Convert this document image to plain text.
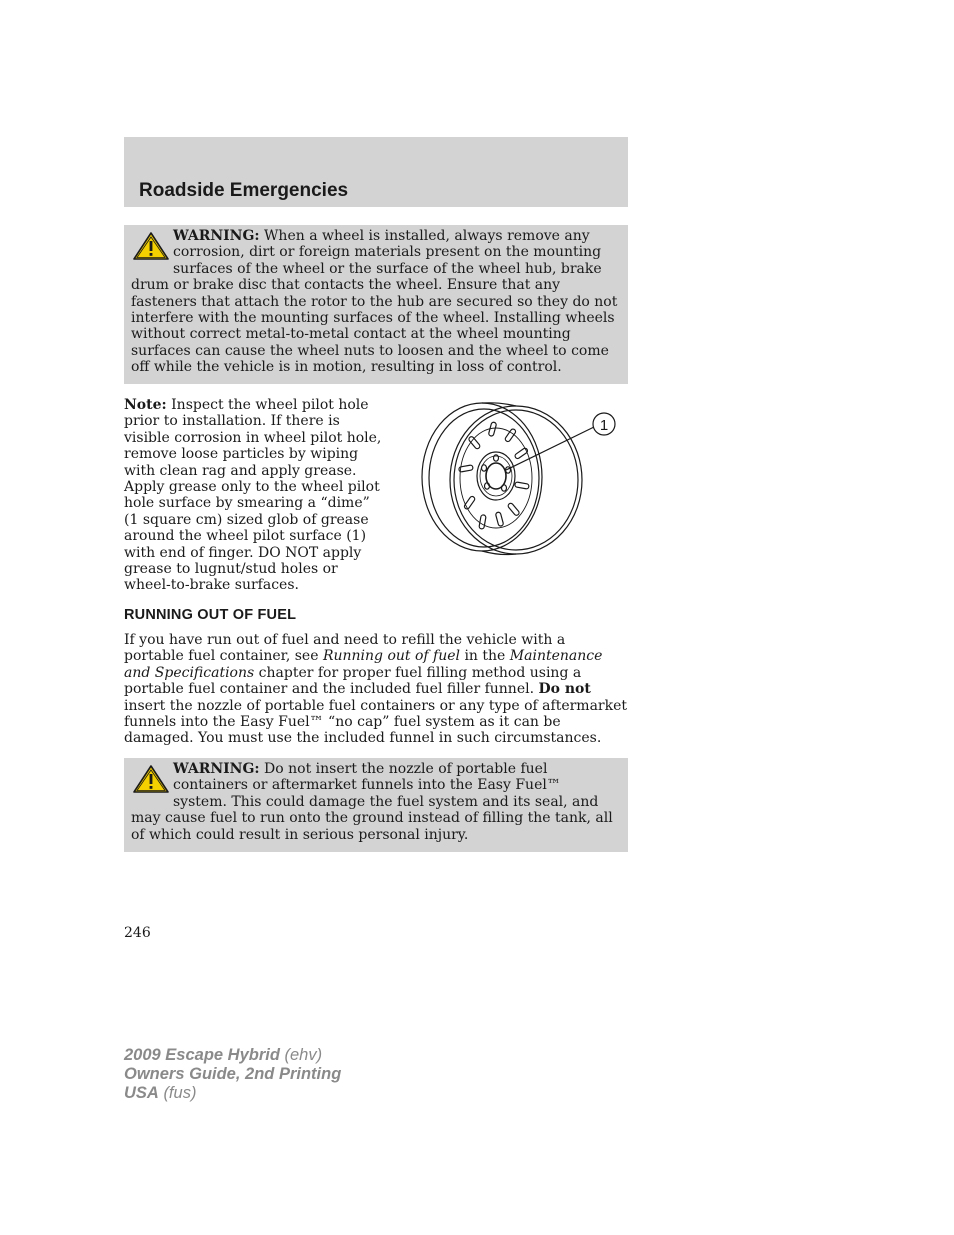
Roadside Emergencies

WARNING: When a wheel is installed, always remove any corrosion, dirt or foreign materials present on the mounting surfaces of the wheel or the surface of the wheel hub, brake drum or brake disc that contacts the wheel. Ensure that any fasteners that attach the rotor to the hub are secured so they do not interfere with the mounting surfaces of the wheel. Installing wheels without correct metal-to-metal contact at the wheel mounting surfaces can cause the wheel nuts to loosen and the wheel to come off while the vehicle is in motion, resulting in loss of control.

Note: Inspect the wheel pilot hole prior to installation. If there is visible corrosion in wheel pilot hole, remove loose particles by wiping with clean rag and apply grease. Apply grease only to the wheel pilot hole surface by smearing a “dime” (1 square cm) sized glob of grease around the wheel pilot surface (1) with end of finger. DO NOT apply grease to lugnut/stud holes or wheel-to-brake surfaces.
1
RUNNING OUT OF FUEL

If you have run out of fuel and need to refill the vehicle with a portable fuel container, see Running out of fuel in the Maintenance and Specifications chapter for proper fuel filling method using a portable fuel container and the included fuel filler funnel. Do not insert the nozzle of portable fuel containers or any type of aftermarket funnels into the Easy Fuel™ “no cap” fuel system as it can be damaged. You must use the included funnel in such circumstances.

WARNING: Do not insert the nozzle of portable fuel containers or aftermarket funnels into the Easy Fuel™ system. This could damage the fuel system and its seal, and may cause fuel to run onto the ground instead of filling the tank, all of which could result in serious personal injury.

246
2009 Escape Hybrid (ehv)
Owners Guide, 2nd Printing
USA (fus)
